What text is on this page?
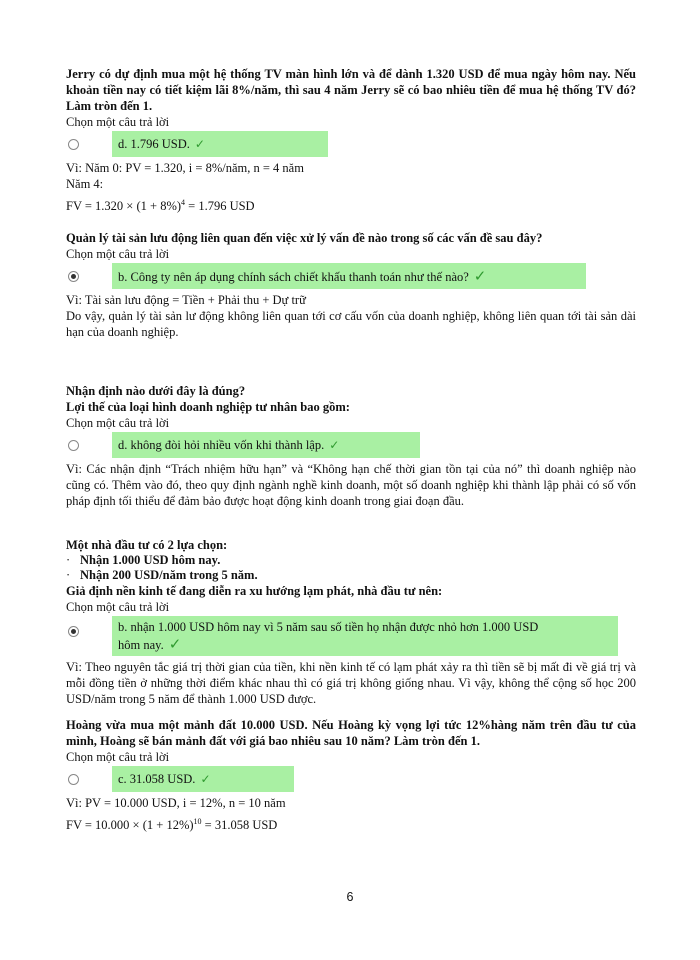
Jerry có dự định mua một hệ thống TV màn hình lớn và để dành 1.320 USD để mua ngày hôm nay. Nếu khoản tiền nay có tiết kiệm lãi 8%/năm, thì sau 4 năm Jerry sẽ có bao nhiêu tiền để mua hệ thống TV đó? Làm tròn đến 1.
Chọn một câu trả lời
d. 1.796 USD. ✓
Vì: Năm 0: PV = 1.320, i = 8%/năm, n = 4 năm
Năm 4:
FV = $1.320 \times (1 + 8\%)^4 = 1.796$ USD
Quản lý tài sản lưu động liên quan đến việc xử lý vấn đề nào trong số các vấn đề sau đây?
Chọn một câu trả lời
b. Công ty nên áp dụng chính sách chiết khấu thanh toán như thế nào? ✓
Vì: Tài sản lưu động = Tiền + Phải thu + Dự trữ
Do vậy, quản lý tài sản lư động không liên quan tới cơ cấu vốn của doanh nghiệp, không liên quan tới tài sản dài hạn của doanh nghiệp.
Nhận định nào dưới đây là đúng?
Lợi thế của loại hình doanh nghiệp tư nhân bao gồm:
Chọn một câu trả lời
d. không đòi hỏi nhiều vốn khi thành lập. ✓
Vì: Các nhận định “Trách nhiệm hữu hạn” và “Không hạn chế thời gian tồn tại của nó” thì doanh nghiệp nào cũng có. Thêm vào đó, theo quy định ngành nghề kinh doanh, một số doanh nghiệp khi thành lập phải có số vốn pháp định tối thiểu để đảm bảo được hoạt động kinh doanh trong giai đoạn đầu.
Một nhà đầu tư có 2 lựa chọn:
· Nhận 1.000 USD hôm nay.
· Nhận 200 USD/năm trong 5 năm.
Giả định nền kinh tế đang diễn ra xu hướng lạm phát, nhà đầu tư nên:
Chọn một câu trả lời
b. nhận 1.000 USD hôm nay vì 5 năm sau số tiền họ nhận được nhỏ hơn 1.000 USD
hôm nay. ✓
Vì: Theo nguyên tắc giá trị thời gian của tiền, khi nền kinh tế có lạm phát xảy ra thì tiền sẽ bị mất đi về giá trị và mỗi đồng tiền ở những thời điểm khác nhau thì có giá trị không giống nhau. Vì vậy, không thể cộng số học 200 USD/năm trong 5 năm để thành 1.000 USD được.
Hoàng vừa mua một mảnh đất 10.000 USD. Nếu Hoàng kỳ vọng lợi tức 12%hàng năm trên đầu tư của mình, Hoàng sẽ bán mảnh đất với giá bao nhiêu sau 10 năm? Làm tròn đến 1.
Chọn một câu trả lời
c. 31.058 USD. ✓
Vì: PV = 10.000 USD, i = 12%, n = 10 năm
FV = $10.000 \times (1 + 12\%)^{10} = 31.058$ USD
6
